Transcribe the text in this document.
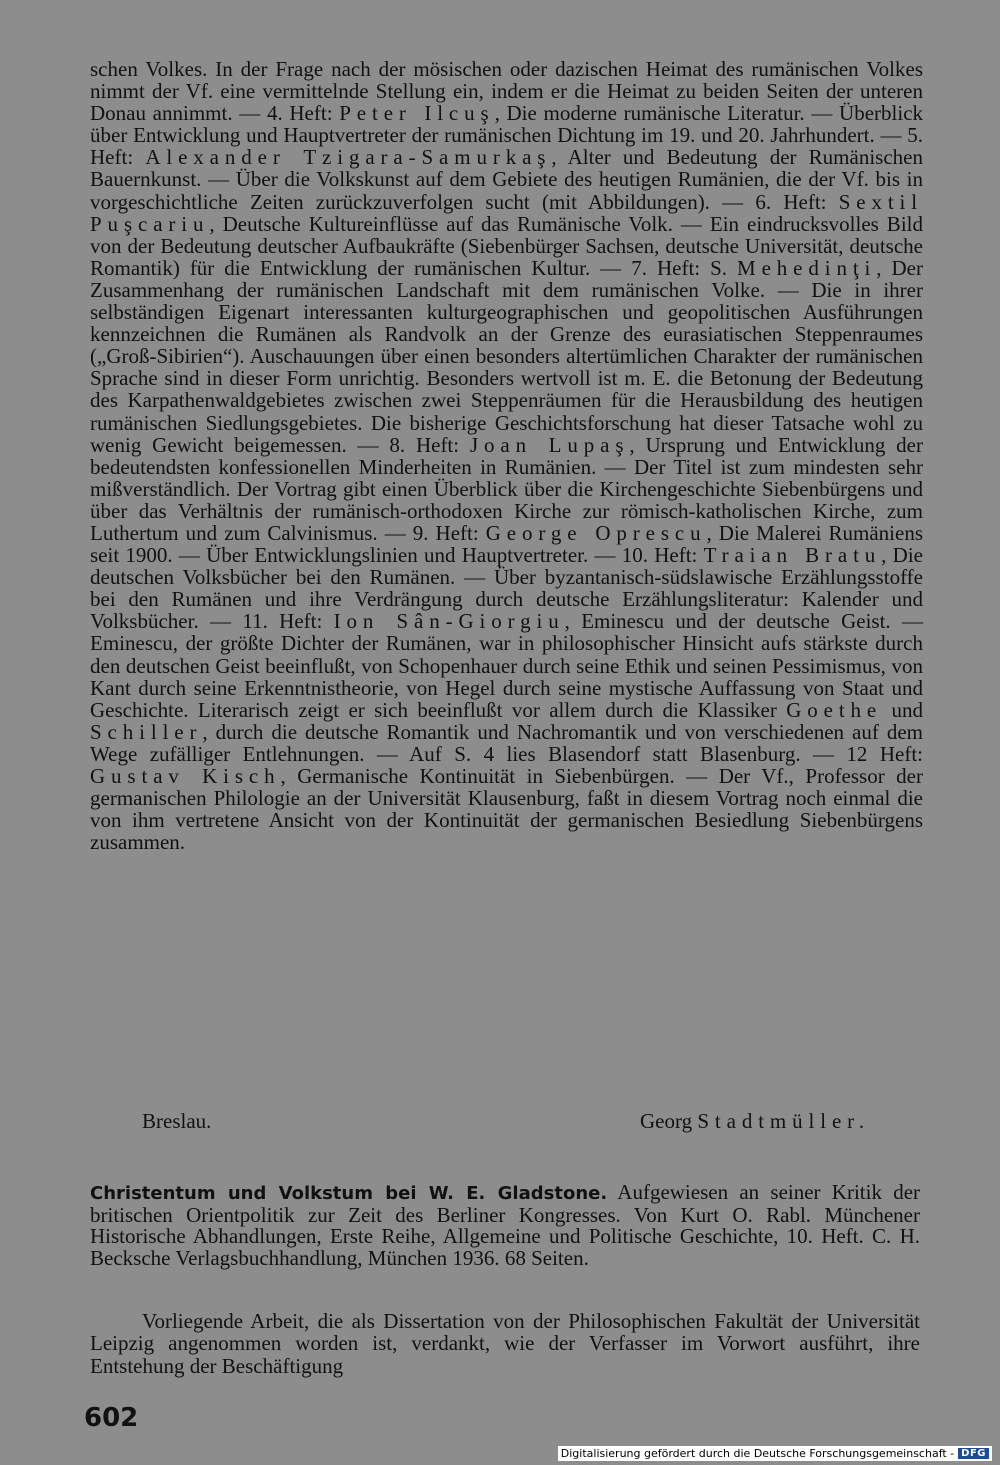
schen Volkes. In der Frage nach der mösischen oder dazischen Heimat des rumänischen Volkes nimmt der Vf. eine vermittelnde Stellung ein, indem er die Heimat zu beiden Seiten der unteren Donau annimmt. — 4. Heft: Peter Ilcuş, Die moderne rumänische Literatur. — Überblick über Entwicklung und Hauptvertreter der rumänischen Dichtung im 19. und 20. Jahrhundert. — 5. Heft: Alexander Tzigara-Samurkaş, Alter und Bedeutung der Rumänischen Bauernkunst. — Über die Volkskunst auf dem Gebiete des heutigen Rumänien, die der Vf. bis in vorgeschichtliche Zeiten zurückzuverfolgen sucht (mit Abbildungen). — 6. Heft: Sextil Puşcariu, Deutsche Kultureinflüsse auf das Rumänische Volk. — Ein eindrucksvolles Bild von der Bedeutung deutscher Aufbaukräfte (Siebenbürger Sachsen, deutsche Universität, deutsche Romantik) für die Entwicklung der rumänischen Kultur. — 7. Heft: S. Mehedinţi, Der Zusammenhang der rumänischen Landschaft mit dem rumänischen Volke. — Die in ihrer selbständigen Eigenart interessanten kulturgeographischen und geopolitischen Ausführungen kennzeichnen die Rumänen als Randvolk an der Grenze des eurasiatischen Steppenraumes („Groß-Sibirien“). Auschauungen über einen besonders altertümlichen Charakter der rumänischen Sprache sind in dieser Form unrichtig. Besonders wertvoll ist m. E. die Betonung der Bedeutung des Karpathenwaldgebietes zwischen zwei Steppenräumen für die Herausbildung des heutigen rumänischen Siedlungsgebietes. Die bisherige Geschichtsforschung hat dieser Tatsache wohl zu wenig Gewicht beigemessen. — 8. Heft: Joan Lupaş, Ursprung und Entwicklung der bedeutendsten konfessionellen Minderheiten in Rumänien. — Der Titel ist zum mindesten sehr mißverständlich. Der Vortrag gibt einen Überblick über die Kirchengeschichte Siebenbürgens und über das Verhältnis der rumänisch-orthodoxen Kirche zur römisch-katholischen Kirche, zum Luthertum und zum Calvinismus. — 9. Heft: George Oprescu, Die Malerei Rumäniens seit 1900. — Über Entwicklungslinien und Hauptvertreter. — 10. Heft: Traian Bratu, Die deutschen Volksbücher bei den Rumänen. — Über byzantanisch-südslawische Erzählungsstoffe bei den Rumänen und ihre Verdrängung durch deutsche Erzählungsliteratur: Kalender und Volksbücher. — 11. Heft: Ion Sân-Giorgiu, Eminescu und der deutsche Geist. — Eminescu, der größte Dichter der Rumänen, war in philosophischer Hinsicht aufs stärkste durch den deutschen Geist beeinflußt, von Schopenhauer durch seine Ethik und seinen Pessimismus, von Kant durch seine Erkenntnistheorie, von Hegel durch seine mystische Auffassung von Staat und Geschichte. Literarisch zeigt er sich beeinflußt vor allem durch die Klassiker Goethe und Schiller, durch die deutsche Romantik und Nachromantik und von verschiedenen auf dem Wege zufälliger Entlehnungen. — Auf S. 4 lies Blasendorf statt Blasenburg. — 12 Heft: Gustav Kisch, Germanische Kontinuität in Siebenbürgen. — Der Vf., Professor der germanischen Philologie an der Universität Klausenburg, faßt in diesem Vortrag noch einmal die von ihm vertretene Ansicht von der Kontinuität der germanischen Besiedlung Siebenbürgens zusammen.

Breslau.	Georg Stadtmüller.
Christentum und Volkstum bei W. E. Gladstone. Aufgewiesen an seiner Kritik der britischen Orientpolitik zur Zeit des Berliner Kongresses. Von Kurt O. Rabl. Münchener Historische Abhandlungen, Erste Reihe, Allgemeine und Politische Geschichte, 10. Heft. C. H. Becksche Verlagsbuchhandlung, München 1936. 68 Seiten.
Vorliegende Arbeit, die als Dissertation von der Philosophischen Fakultät der Universität Leipzig angenommen worden ist, verdankt, wie der Verfasser im Vorwort ausführt, ihre Entstehung der Beschäftigung
602
Digitalisierung gefördert durch die Deutsche Forschungsgemeinschaft - DFG
